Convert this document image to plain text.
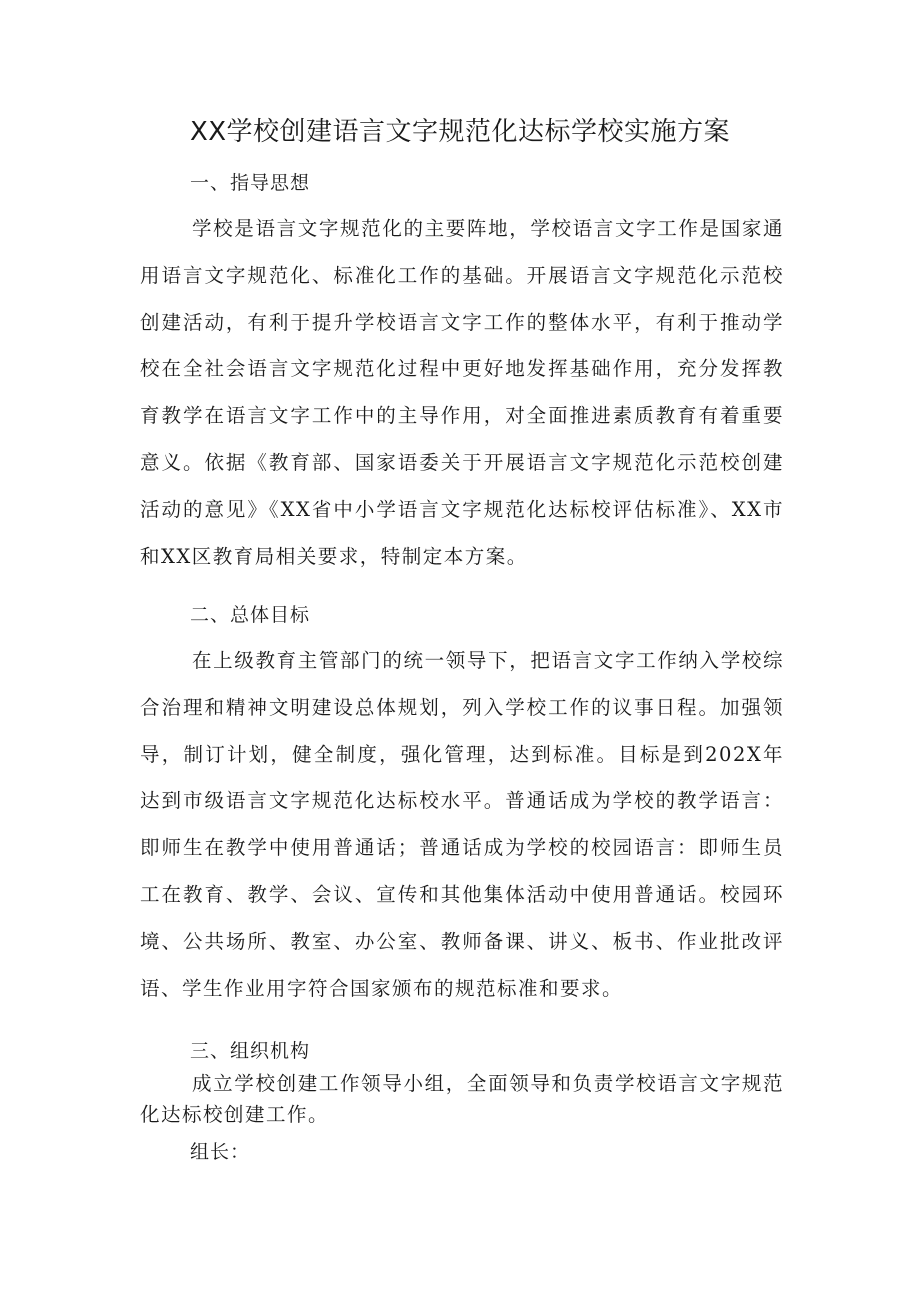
XX学校创建语言文字规范化达标学校实施方案

一、指导思想

学校是语言文字规范化的主要阵地，学校语言文字工作是国家通用语言文字规范化、标准化工作的基础。开展语言文字规范化示范校创建活动，有利于提升学校语言文字工作的整体水平，有利于推动学校在全社会语言文字规范化过程中更好地发挥基础作用，充分发挥教育教学在语言文字工作中的主导作用，对全面推进素质教育有着重要意义。依据《教育部、国家语委关于开展语言文字规范化示范校创建活动的意见》《XX省中小学语言文字规范化达标校评估标准》、XX市和XX区教育局相关要求，特制定本方案。

二、总体目标

在上级教育主管部门的统一领导下，把语言文字工作纳入学校综合治理和精神文明建设总体规划，列入学校工作的议事日程。加强领导，制订计划，健全制度，强化管理，达到标准。目标是到202X年达到市级语言文字规范化达标校水平。普通话成为学校的教学语言：即师生在教学中使用普通话；普通话成为学校的校园语言：即师生员工在教育、教学、会议、宣传和其他集体活动中使用普通话。校园环境、公共场所、教室、办公室、教师备课、讲义、板书、作业批改评语、学生作业用字符合国家颁布的规范标准和要求。

三、组织机构

成立学校创建工作领导小组，全面领导和负责学校语言文字规范化达标校创建工作。

组长：
